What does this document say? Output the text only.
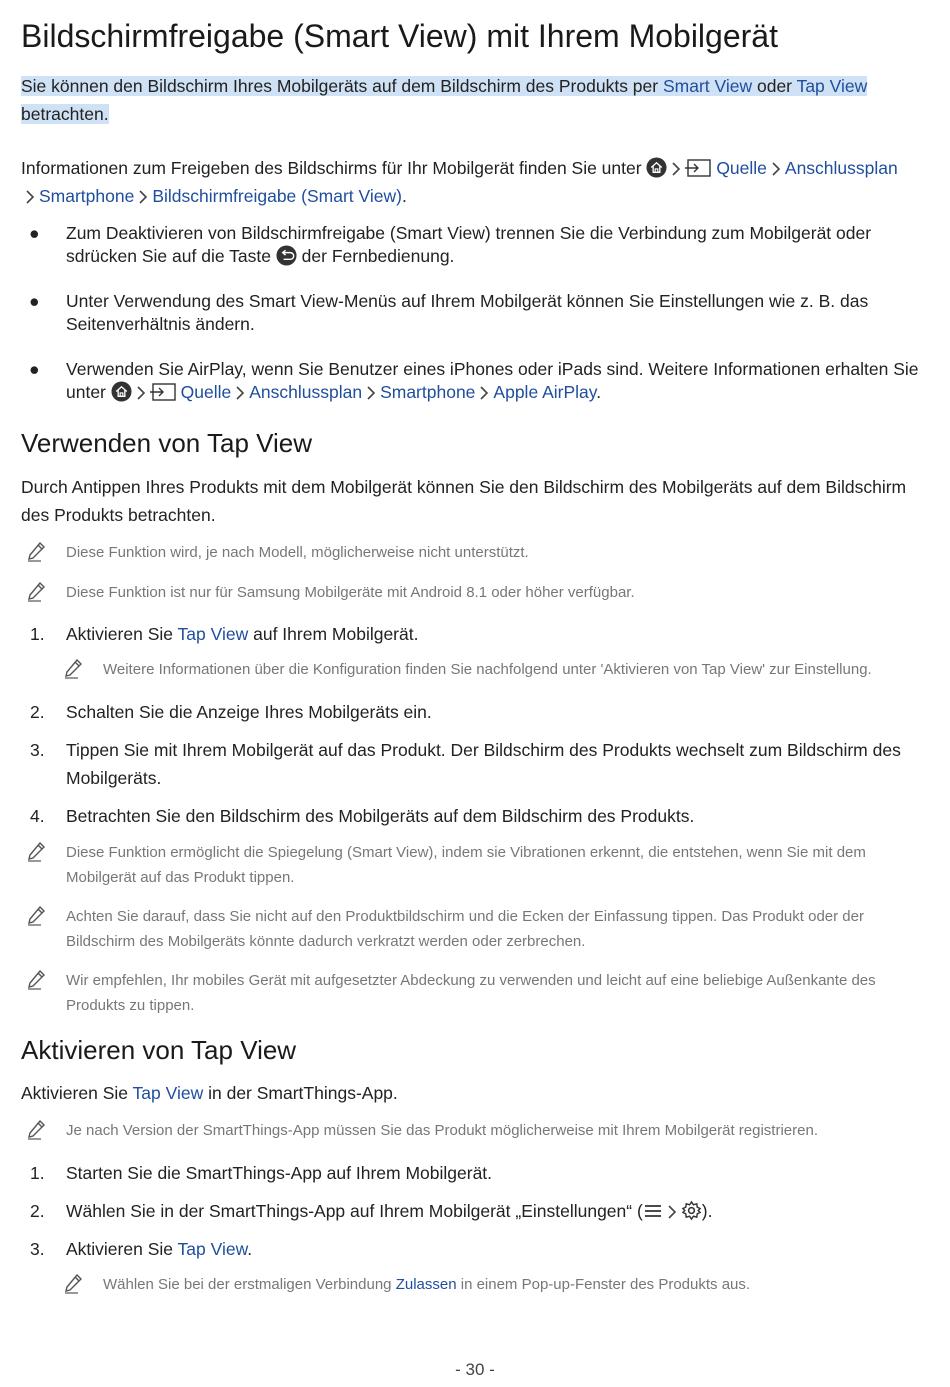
Bildschirmfreigabe (Smart View) mit Ihrem Mobilgerät
Sie können den Bildschirm Ihres Mobilgeräts auf dem Bildschirm des Produkts per Smart View oder Tap View
betrachten.
Informationen zum Freigeben des Bildschirms für Ihr Mobilgerät finden Sie unter	Quelle Anschlussplan
Smartphone Bildschirmfreigabe (Smart View).
● Zum Deaktivieren von Bildschirmfreigabe (Smart View) trennen Sie die Verbindung zum Mobilgerät oder sdrücken Sie auf die Taste  der Fernbedienung.
● Unter Verwendung des Smart View-Menüs auf Ihrem Mobilgerät können Sie Einstellungen wie z. B. das Seitenverhältnis ändern.
● Verwenden Sie AirPlay, wenn Sie Benutzer eines iPhones oder iPads sind. Weitere Informationen erhalten Sie unter	Quelle Anschlussplan Smartphone Apple AirPlay.
Verwenden von Tap View
Durch Antippen Ihres Produkts mit dem Mobilgerät können Sie den Bildschirm des Mobilgeräts auf dem Bildschirm des Produkts betrachten.
Diese Funktion wird, je nach Modell, möglicherweise nicht unterstützt.
Diese Funktion ist nur für Samsung Mobilgeräte mit Android 8.1 oder höher verfügbar.
1. Aktivieren Sie Tap View auf Ihrem Mobilgerät.
Weitere Informationen über die Konfiguration finden Sie nachfolgend unter 'Aktivieren von Tap View' zur Einstellung.
2. Schalten Sie die Anzeige Ihres Mobilgeräts ein.
3. Tippen Sie mit Ihrem Mobilgerät auf das Produkt. Der Bildschirm des Produkts wechselt zum Bildschirm des Mobilgeräts.
4. Betrachten Sie den Bildschirm des Mobilgeräts auf dem Bildschirm des Produkts.
Diese Funktion ermöglicht die Spiegelung (Smart View), indem sie Vibrationen erkennt, die entstehen, wenn Sie mit dem Mobilgerät auf das Produkt tippen.
Achten Sie darauf, dass Sie nicht auf den Produktbildschirm und die Ecken der Einfassung tippen. Das Produkt oder der Bildschirm des Mobilgeräts könnte dadurch verkratzt werden oder zerbrechen.
Wir empfehlen, Ihr mobiles Gerät mit aufgesetzter Abdeckung zu verwenden und leicht auf eine beliebige Außenkante des Produkts zu tippen.
Aktivieren von Tap View
Aktivieren Sie Tap View in der SmartThings-App.
Je nach Version der SmartThings-App müssen Sie das Produkt möglicherweise mit Ihrem Mobilgerät registrieren.
1. Starten Sie die SmartThings-App auf Ihrem Mobilgerät.
2. Wählen Sie in der SmartThings-App auf Ihrem Mobilgerät „Einstellungen“ (	).
3. Aktivieren Sie Tap View.
Wählen Sie bei der erstmaligen Verbindung Zulassen in einem Pop-up-Fenster des Produkts aus.
- 30 -
